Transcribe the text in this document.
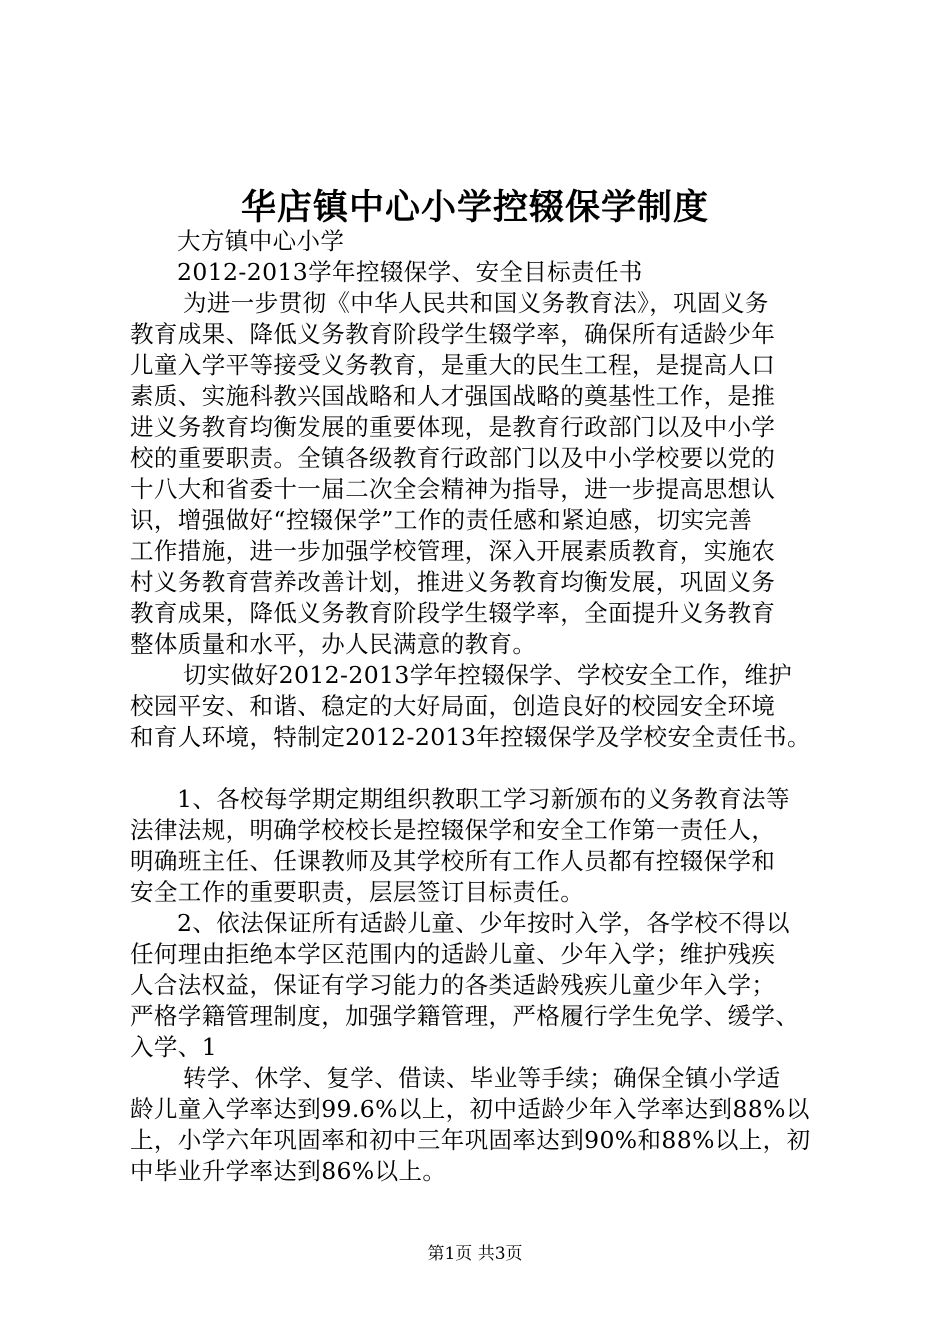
华店镇中心小学控辍保学制度
大方镇中心小学
2012-2013学年控辍保学、安全目标责任书
为进一步贯彻《中华人民共和国义务教育法》，巩固义务
教育成果、降低义务教育阶段学生辍学率，确保所有适龄少年
儿童入学平等接受义务教育，是重大的民生工程，是提高人口
素质、实施科教兴国战略和人才强国战略的奠基性工作，是推
进义务教育均衡发展的重要体现，是教育行政部门以及中小学
校的重要职责。全镇各级教育行政部门以及中小学校要以党的
十八大和省委十一届二次全会精神为指导，进一步提高思想认
识，增强做好“控辍保学”工作的责任感和紧迫感，切实完善
工作措施，进一步加强学校管理，深入开展素质教育，实施农
村义务教育营养改善计划，推进义务教育均衡发展，巩固义务
教育成果，降低义务教育阶段学生辍学率，全面提升义务教育
整体质量和水平，办人民满意的教育。
切实做好2012-2013学年控辍保学、学校安全工作，维护
校园平安、和谐、稳定的大好局面，创造良好的校园安全环境
和育人环境，特制定2012-2013年控辍保学及学校安全责任书。
1、各校每学期定期组织教职工学习新颁布的义务教育法等
法律法规，明确学校校长是控辍保学和安全工作第一责任人，
明确班主任、任课教师及其学校所有工作人员都有控辍保学和
安全工作的重要职责，层层签订目标责任。
2、依法保证所有适龄儿童、少年按时入学，各学校不得以
任何理由拒绝本学区范围内的适龄儿童、少年入学；维护残疾
人合法权益，保证有学习能力的各类适龄残疾儿童少年入学；
严格学籍管理制度，加强学籍管理，严格履行学生免学、缓学、
入学、1
转学、休学、复学、借读、毕业等手续；确保全镇小学适
龄儿童入学率达到99.6%以上，初中适龄少年入学率达到88%以
上，小学六年巩固率和初中三年巩固率达到90%和88%以上，初
中毕业升学率达到86%以上。
第1页 共3页
